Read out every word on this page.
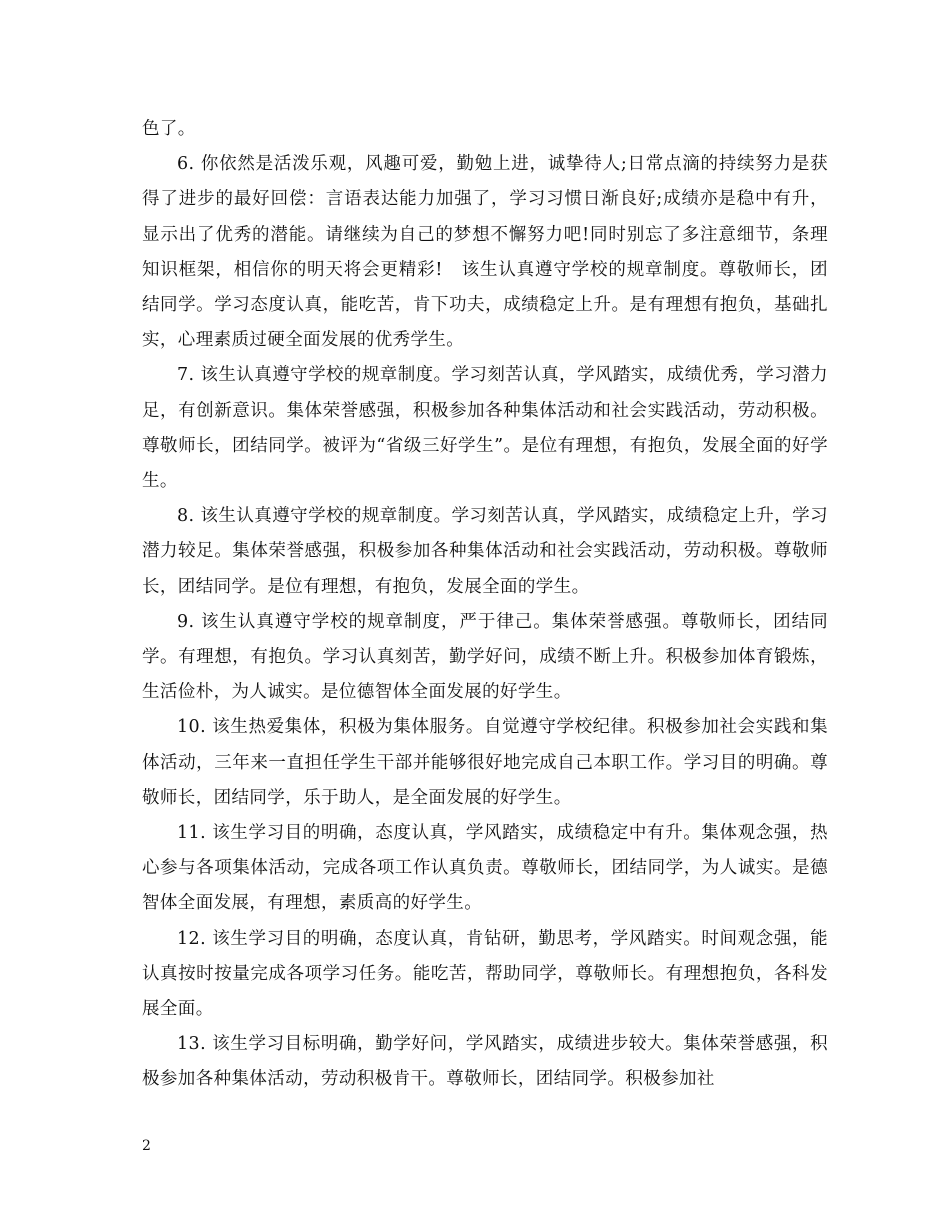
色了。

6. 你依然是活泼乐观，风趣可爱，勤勉上进，诚挚待人;日常点滴的持续努力是获得了进步的最好回偿：言语表达能力加强了，学习习惯日渐良好;成绩亦是稳中有升，显示出了优秀的潜能。请继续为自己的梦想不懈努力吧!同时别忘了多注意细节，条理知识框架，相信你的明天将会更精彩!　该生认真遵守学校的规章制度。尊敬师长，团结同学。学习态度认真，能吃苦，肯下功夫，成绩稳定上升。是有理想有抱负，基础扎实，心理素质过硬全面发展的优秀学生。

7. 该生认真遵守学校的规章制度。学习刻苦认真，学风踏实，成绩优秀，学习潜力足，有创新意识。集体荣誉感强，积极参加各种集体活动和社会实践活动，劳动积极。尊敬师长，团结同学。被评为“省级三好学生”。是位有理想，有抱负，发展全面的好学生。

8. 该生认真遵守学校的规章制度。学习刻苦认真，学风踏实，成绩稳定上升，学习潜力较足。集体荣誉感强，积极参加各种集体活动和社会实践活动，劳动积极。尊敬师长，团结同学。是位有理想，有抱负，发展全面的学生。

9. 该生认真遵守学校的规章制度，严于律己。集体荣誉感强。尊敬师长，团结同学。有理想，有抱负。学习认真刻苦，勤学好问，成绩不断上升。积极参加体育锻炼，生活俭朴，为人诚实。是位德智体全面发展的好学生。

10. 该生热爱集体，积极为集体服务。自觉遵守学校纪律。积极参加社会实践和集体活动，三年来一直担任学生干部并能够很好地完成自己本职工作。学习目的明确。尊敬师长，团结同学，乐于助人，是全面发展的好学生。

11. 该生学习目的明确，态度认真，学风踏实，成绩稳定中有升。集体观念强，热心参与各项集体活动，完成各项工作认真负责。尊敬师长，团结同学，为人诚实。是德智体全面发展，有理想，素质高的好学生。

12. 该生学习目的明确，态度认真，肯钻研，勤思考，学风踏实。时间观念强，能认真按时按量完成各项学习任务。能吃苦，帮助同学，尊敬师长。有理想抱负，各科发展全面。

13. 该生学习目标明确，勤学好问，学风踏实，成绩进步较大。集体荣誉感强，积极参加各种集体活动，劳动积极肯干。尊敬师长，团结同学。积极参加社

2
